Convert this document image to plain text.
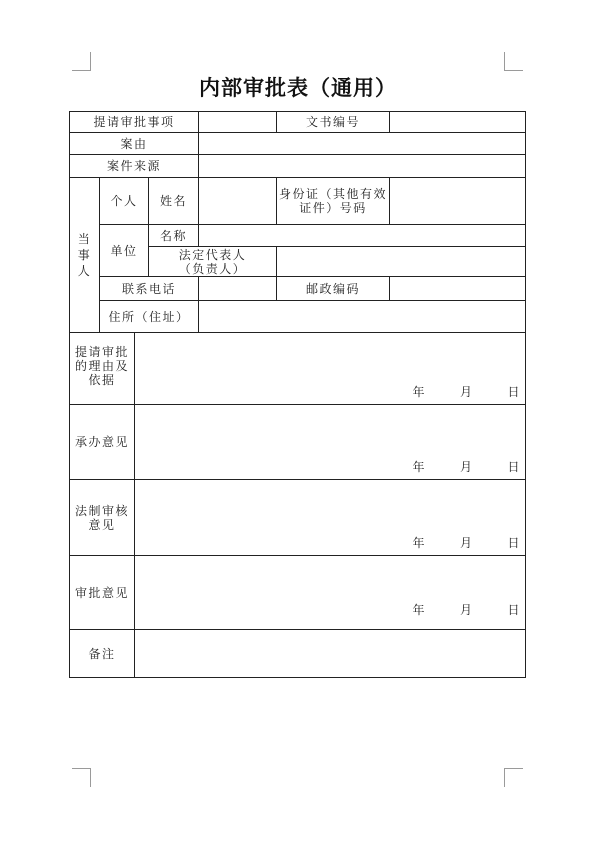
内部审批表（通用）
提请审批事项					文书编号	
案由						
案件来源						
当事人	个人		姓名		身份证（其他有效证件）号码	
	单位		名称			
			法定代表人（负责人）			
	联系电话				邮政编码	
	住所（住址）					
提请审批的理由及依据		年 月 日				

承办意见		年 月 日				

法制审核意见		年 月 日				

审批意见		年 月 日				

备注						
